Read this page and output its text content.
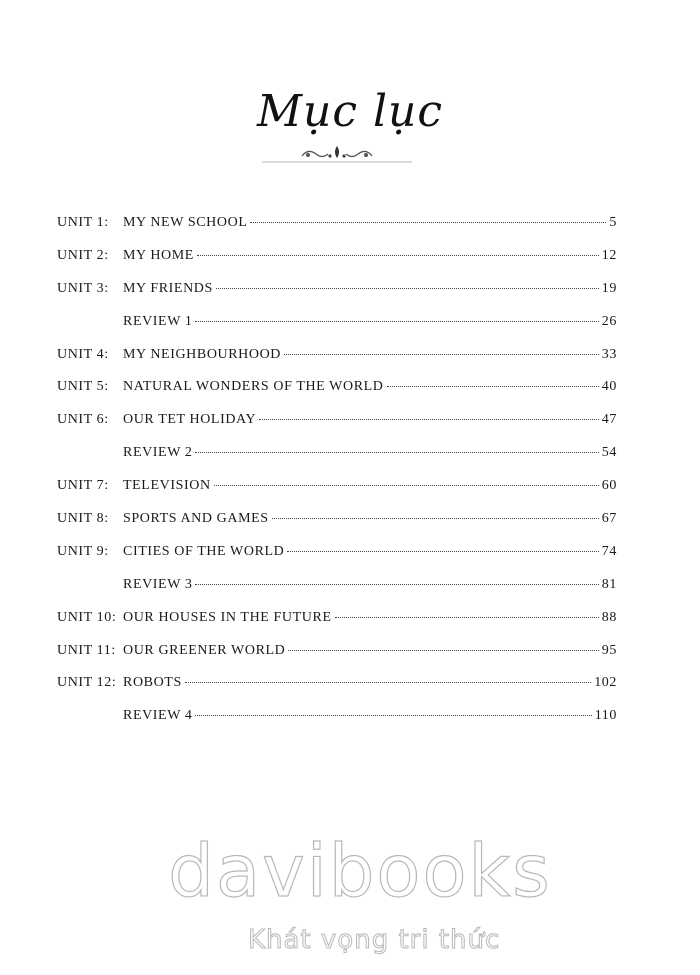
Mục lục
UNIT 1:	MY NEW SCHOOL	5
UNIT 2:	MY HOME	12
UNIT 3:	MY FRIENDS	19
REVIEW 1	26
UNIT 4:	MY NEIGHBOURHOOD	33
UNIT 5:	NATURAL WONDERS OF THE WORLD	40
UNIT 6:	OUR TET HOLIDAY	47
REVIEW 2	54
UNIT 7:	TELEVISION	60
UNIT 8:	SPORTS AND GAMES	67
UNIT 9:	CITIES OF THE WORLD	74
REVIEW 3	81
UNIT 10: OUR HOUSES IN THE FUTURE	88
UNIT 11: OUR GREENER WORLD	95
UNIT 12: ROBOTS	102
REVIEW 4	110
davibooks
Khát vọng tri thức
